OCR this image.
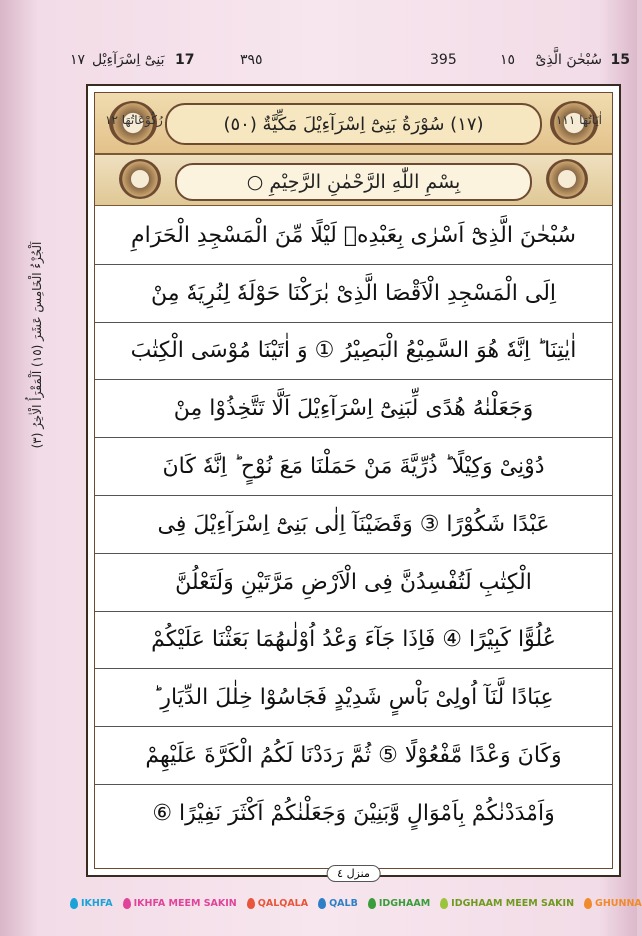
15
سُبْحٰنَ الَّذِیْٓ
١٥
395
٣٩٥
17
بَنِیْٓ اِسْرَآءِیْل
١٧
اَلْجُزْءُ الْخَامِسَ عَشَرَ (١٥) اَلْمَقْرَأُ الْاٰخِرُ (٣)
(١٧) سُوْرَةُ بَنِیْٓ اِسْرَآءِیْلَ مَكِّيَّةٌ (٥٠)	اٰیَاتُھَا ١١١
رُكُوْعَاتُھَا ١٢
بِسْمِ اللّٰهِ الرَّحْمٰنِ الرَّحِیْمِ ○
سُبْحٰنَ الَّذِیْٓ اَسْرٰی بِعَبْدِهٖ لَیْلًا مِّنَ الْمَسْجِدِ الْحَرَامِ
اِلَی الْمَسْجِدِ الْاَقْصَا الَّذِیْ بٰرَكْنَا حَوْلَهٗ لِنُرِیَهٗ مِنْ
اٰیٰتِنَا ؕ اِنَّهٗ هُوَ السَّمِیْعُ الْبَصِیْرُ ① وَ اٰتَیْنَا مُوْسَی الْكِتٰبَ
وَجَعَلْنٰهُ هُدًی لِّبَنِیْٓ اِسْرَآءِیْلَ اَلَّا تَتَّخِذُوْا مِنْ
دُوْنِیْ وَكِیْلًا ؕ ذُرِّیَّةَ مَنْ حَمَلْنَا مَعَ نُوْحٍ ؕ اِنَّهٗ كَانَ
عَبْدًا شَكُوْرًا ③ وَقَضَیْنَآ اِلٰی بَنِیْٓ اِسْرَآءِیْلَ فِی
الْكِتٰبِ لَتُفْسِدُنَّ فِی الْاَرْضِ مَرَّتَیْنِ وَلَتَعْلُنَّ
عُلُوًّا كَبِیْرًا ④ فَاِذَا جَآءَ وَعْدُ اُوْلٰىهُمَا بَعَثْنَا عَلَیْكُمْ
عِبَادًا لَّنَآ اُولِیْ بَاْسٍ شَدِیْدٍ فَجَاسُوْا خِلٰلَ الدِّیَارِ ؕ
وَكَانَ وَعْدًا مَّفْعُوْلًا ⑤ ثُمَّ رَدَدْنَا لَكُمُ الْكَرَّةَ عَلَیْهِمْ
وَاَمْدَدْنٰكُمْ بِاَمْوَالٍ وَّبَنِیْنَ وَجَعَلْنٰكُمْ اَكْثَرَ نَفِیْرًا ⑥
منزل ٤
IKHFA IKHFA MEEM SAKIN QALQALA QALB IDGHAAM IDGHAAM MEEM SAKIN GHUNNA
